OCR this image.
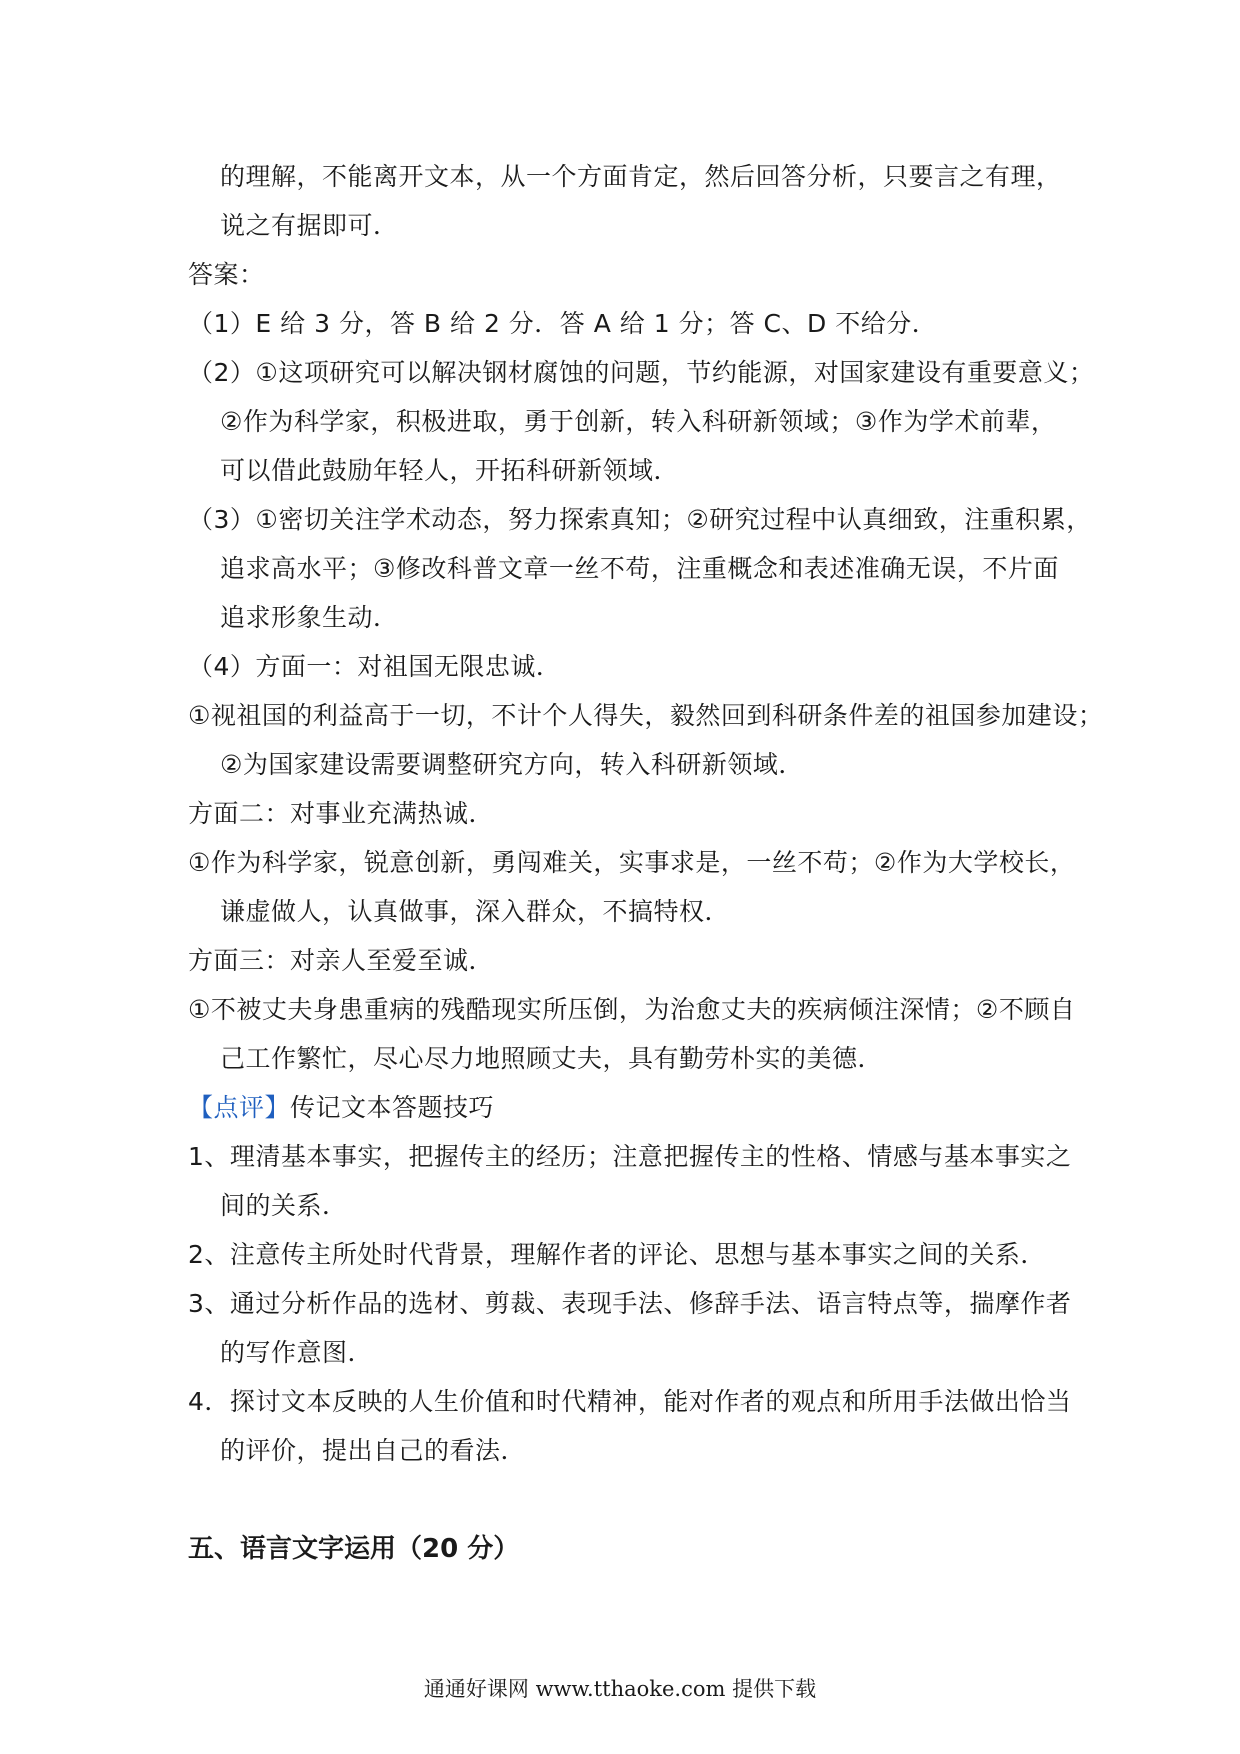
的理解，不能离开文本，从一个方面肯定，然后回答分析，只要言之有理，
说之有据即可．
答案：
（1）E 给 3 分，答 B 给 2 分．答 A 给 1 分；答 C、D 不给分．
（2）①这项研究可以解决钢材腐蚀的问题，节约能源，对国家建设有重要意义；
②作为科学家，积极进取，勇于创新，转入科研新领域；③作为学术前辈，
可以借此鼓励年轻人，开拓科研新领域．
（3）①密切关注学术动态，努力探索真知；②研究过程中认真细致，注重积累，
追求高水平；③修改科普文章一丝不苟，注重概念和表述准确无误，不片面
追求形象生动．
（4）方面一：对祖国无限忠诚．
①视祖国的利益高于一切，不计个人得失，毅然回到科研条件差的祖国参加建设；
②为国家建设需要调整研究方向，转入科研新领域．
方面二：对事业充满热诚．
①作为科学家，锐意创新，勇闯难关，实事求是，一丝不苟；②作为大学校长，
谦虚做人，认真做事，深入群众，不搞特权．
方面三：对亲人至爱至诚．
①不被丈夫身患重病的残酷现实所压倒，为治愈丈夫的疾病倾注深情；②不顾自
己工作繁忙，尽心尽力地照顾丈夫，具有勤劳朴实的美德．
【点评】传记文本答题技巧
1、理清基本事实，把握传主的经历；注意把握传主的性格、情感与基本事实之
间的关系．
2、注意传主所处时代背景，理解作者的评论、思想与基本事实之间的关系．
3、通过分析作品的选材、剪裁、表现手法、修辞手法、语言特点等，揣摩作者
的写作意图．
4．探讨文本反映的人生价值和时代精神，能对作者的观点和所用手法做出恰当
的评价，提出自己的看法．
五、语言文字运用（20 分）
通通好课网 www.tthaoke.com 提供下载
